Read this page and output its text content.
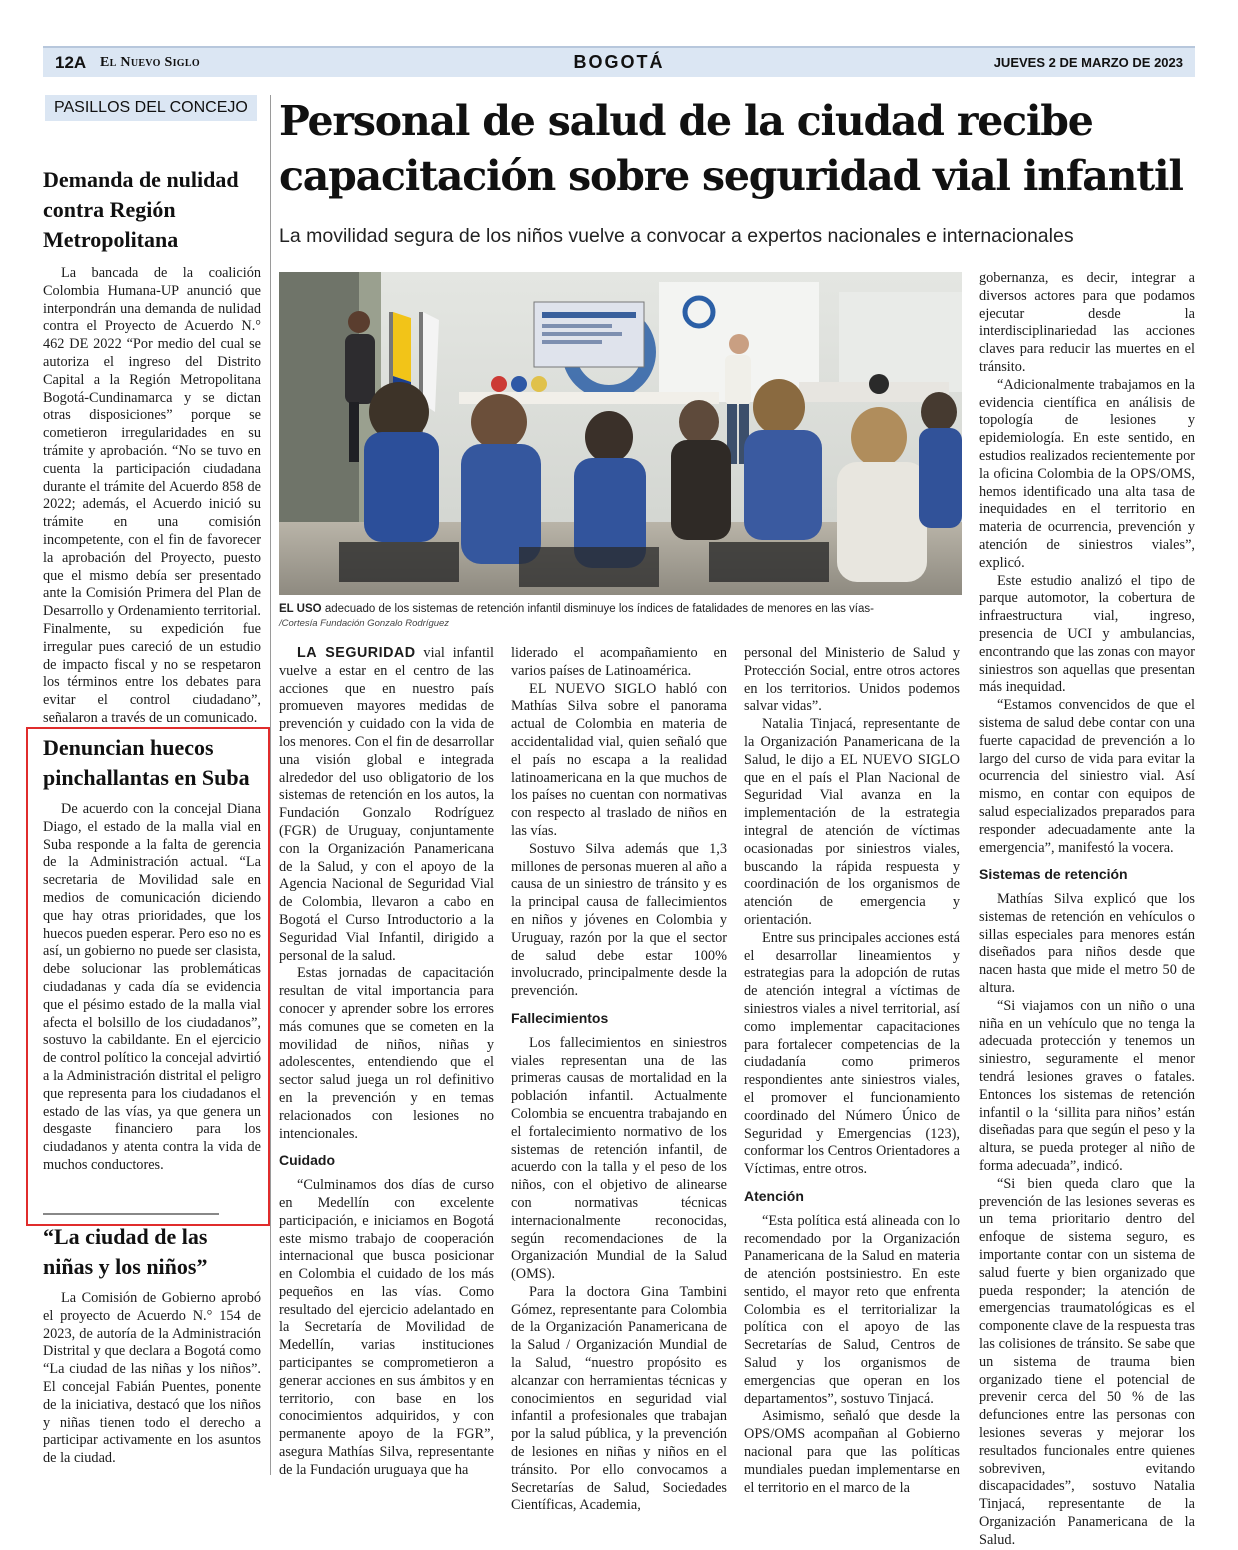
12A El Nuevo Siglo	BOGOTÁ	JUEVES 2 DE MARZO DE 2023
PASILLOS DEL CONCEJO
Demanda de nulidad contra Región Metropolitana

La bancada de la coalición Colombia Humana-UP anunció que interpondrán una demanda de nulidad contra el Proyecto de Acuerdo N.° 462 DE 2022 “Por medio del cual se autoriza el ingreso del Distrito Capital a la Región Metropolitana Bogotá-Cundinamarca y se dictan otras disposiciones” porque se cometieron irregularidades en su trámite y aprobación. “No se tuvo en cuenta la participación ciudadana durante el trámite del Acuerdo 858 de 2022; además, el Acuerdo inició su trámite en una comisión incompetente, con el fin de favorecer la aprobación del Proyecto, puesto que el mismo debía ser presentado ante la Comisión Primera del Plan de Desarrollo y Ordenamiento territorial. Finalmente, su expedición fue irregular pues careció de un estudio de impacto fiscal y no se respetaron los términos entre los debates para evitar el control ciudadano”, señalaron a través de un comunicado.

Denuncian huecos pinchallantas en Suba

De acuerdo con la concejal Diana Diago, el estado de la malla vial en Suba responde a la falta de gerencia de la Administración actual. “La secretaria de Movilidad sale en medios de comunicación diciendo que hay otras prioridades, que los huecos pueden esperar. Pero eso no es así, un gobierno no puede ser clasista, debe solucionar las problemáticas ciudadanas y cada día se evidencia que el pésimo estado de la malla vial afecta el bolsillo de los ciudadanos”, sostuvo la cabildante. En el ejercicio de control político la concejal advirtió a la Administración distrital el peligro que representa para los ciudadanos el estado de las vías, ya que genera un desgaste financiero para los ciudadanos y atenta contra la vida de muchos conductores.

“La ciudad de las niñas y los niños”

La Comisión de Gobierno aprobó el proyecto de Acuerdo N.° 154 de 2023, de autoría de la Administración Distrital y que declara a Bogotá como “La ciudad de las niñas y los niños”. El concejal Fabián Puentes, ponente de la iniciativa, destacó que los niños y niñas tienen todo el derecho a participar activamente en los asuntos de la ciudad.

Personal de salud de la ciudad recibe capacitación sobre seguridad vial infantil
La movilidad segura de los niños vuelve a convocar a expertos nacionales e internacionales
EL USO adecuado de los sistemas de retención infantil disminuye los índices de fatalidades de menores en las vías-
/Cortesía Fundación Gonzalo Rodríguez

LA SEGURIDAD vial infantil vuelve a estar en el centro de las acciones que en nuestro país promueven mayores medidas de prevención y cuidado con la vida de los menores. Con el fin de desarrollar una visión global e integrada alrededor del uso obligatorio de los sistemas de retención en los autos, la Fundación Gonzalo Rodríguez (FGR) de Uruguay, conjuntamente con la Organización Panamericana de la Salud, y con el apoyo de la Agencia Nacional de Seguridad Vial de Colombia, llevaron a cabo en Bogotá el Curso Introductorio a la Seguridad Vial Infantil, dirigido a personal de la salud.

Estas jornadas de capacitación resultan de vital importancia para conocer y aprender sobre los errores más comunes que se cometen en la movilidad de niños, niñas y adolescentes, entendiendo que el sector salud juega un rol definitivo en la prevención y en temas relacionados con lesiones no intencionales.

Cuidado

“Culminamos dos días de curso en Medellín con excelente participación, e iniciamos en Bogotá este mismo trabajo de cooperación internacional que busca posicionar en Colombia el cuidado de los más pequeños en las vías. Como resultado del ejercicio adelantado en la Secretaría de Movilidad de Medellín, varias instituciones participantes se comprometieron a generar acciones en sus ámbitos y en territorio, con base en los conocimientos adquiridos, y con permanente apoyo de la FGR”, asegura Mathías Silva, representante de la Fundación uruguaya que ha

liderado el acompañamiento en varios países de Latinoamérica.

EL NUEVO SIGLO habló con Mathías Silva sobre el panorama actual de Colombia en materia de accidentalidad vial, quien señaló que el país no escapa a la realidad latinoamericana en la que muchos de los países no cuentan con normativas con respecto al traslado de niños en las vías.

Sostuvo Silva además que 1,3 millones de personas mueren al año a causa de un siniestro de tránsito y es la principal causa de fallecimientos en niños y jóvenes en Colombia y Uruguay, razón por la que el sector de salud debe estar 100% involucrado, principalmente desde la prevención.

Fallecimientos

Los fallecimientos en siniestros viales representan una de las primeras causas de mortalidad en la población infantil. Actualmente Colombia se encuentra trabajando en el fortalecimiento normativo de los sistemas de retención infantil, de acuerdo con la talla y el peso de los niños, con el objetivo de alinearse con normativas técnicas internacionalmente reconocidas, según recomendaciones de la Organización Mundial de la Salud (OMS).

Para la doctora Gina Tambini Gómez, representante para Colombia de la Organización Panamericana de la Salud / Organización Mundial de la Salud, “nuestro propósito es alcanzar con herramientas técnicas y conocimientos en seguridad vial infantil a profesionales que trabajan por la salud pública, y la prevención de lesiones en niñas y niños en el tránsito. Por ello convocamos a Secretarías de Salud, Sociedades Científicas, Academia,

personal del Ministerio de Salud y Protección Social, entre otros actores en los territorios. Unidos podemos salvar vidas”.

Natalia Tinjacá, representante de la Organización Panamericana de la Salud, le dijo a EL NUEVO SIGLO que en el país el Plan Nacional de Seguridad Vial avanza en la implementación de la estrategia integral de atención de víctimas ocasionadas por siniestros viales, buscando la rápida respuesta y coordinación de los organismos de atención de emergencia y orientación.

Entre sus principales acciones está el desarrollar lineamientos y estrategias para la adopción de rutas de atención integral a víctimas de siniestros viales a nivel territorial, así como implementar capacitaciones para fortalecer competencias de la ciudadanía como primeros respondientes ante siniestros viales, el promover el funcionamiento coordinado del Número Único de Seguridad y Emergencias (123), conformar los Centros Orientadores a Víctimas, entre otros.

Atención

“Esta política está alineada con lo recomendado por la Organización Panamericana de la Salud en materia de atención postsiniestro. En este sentido, el mayor reto que enfrenta Colombia es el territorializar la política con el apoyo de las Secretarías de Salud, Centros de Salud y los organismos de emergencias que operan en los departamentos”, sostuvo Tinjacá.

Asimismo, señaló que desde la OPS/OMS acompañan al Gobierno nacional para que las políticas mundiales puedan implementarse en el territorio en el marco de la

gobernanza, es decir, integrar a diversos actores para que podamos ejecutar desde la interdisciplinariedad las acciones claves para reducir las muertes en el tránsito.

“Adicionalmente trabajamos en la evidencia científica en análisis de topología de lesiones y epidemiología. En este sentido, en estudios realizados recientemente por la oficina Colombia de la OPS/OMS, hemos identificado una alta tasa de inequidades en el territorio en materia de ocurrencia, prevención y atención de siniestros viales”, explicó.

Este estudio analizó el tipo de parque automotor, la cobertura de infraestructura vial, ingreso, presencia de UCI y ambulancias, encontrando que las zonas con mayor siniestros son aquellas que presentan más inequidad.

“Estamos convencidos de que el sistema de salud debe contar con una fuerte capacidad de prevención a lo largo del curso de vida para evitar la ocurrencia del siniestro vial. Así mismo, en contar con equipos de salud especializados preparados para responder adecuadamente ante la emergencia”, manifestó la vocera.

Sistemas de retención

Mathías Silva explicó que los sistemas de retención en vehículos o sillas especiales para menores están diseñados para niños desde que nacen hasta que mide el metro 50 de altura.

“Si viajamos con un niño o una niña en un vehículo que no tenga la adecuada protección y tenemos un siniestro, seguramente el menor tendrá lesiones graves o fatales. Entonces los sistemas de retención infantil o la ‘sillita para niños’ están diseñadas para que según el peso y la altura, se pueda proteger al niño de forma adecuada”, indicó.

“Si bien queda claro que la prevención de las lesiones severas es un tema prioritario dentro del enfoque de sistema seguro, es importante contar con un sistema de salud fuerte y bien organizado que pueda responder; la atención de emergencias traumatológicas es el componente clave de la respuesta tras las colisiones de tránsito. Se sabe que un sistema de trauma bien organizado tiene el potencial de prevenir cerca del 50 % de las defunciones entre las personas con lesiones severas y mejorar los resultados funcionales entre quienes sobreviven, evitando discapacidades”, sostuvo Natalia Tinjacá, representante de la Organización Panamericana de la Salud.
